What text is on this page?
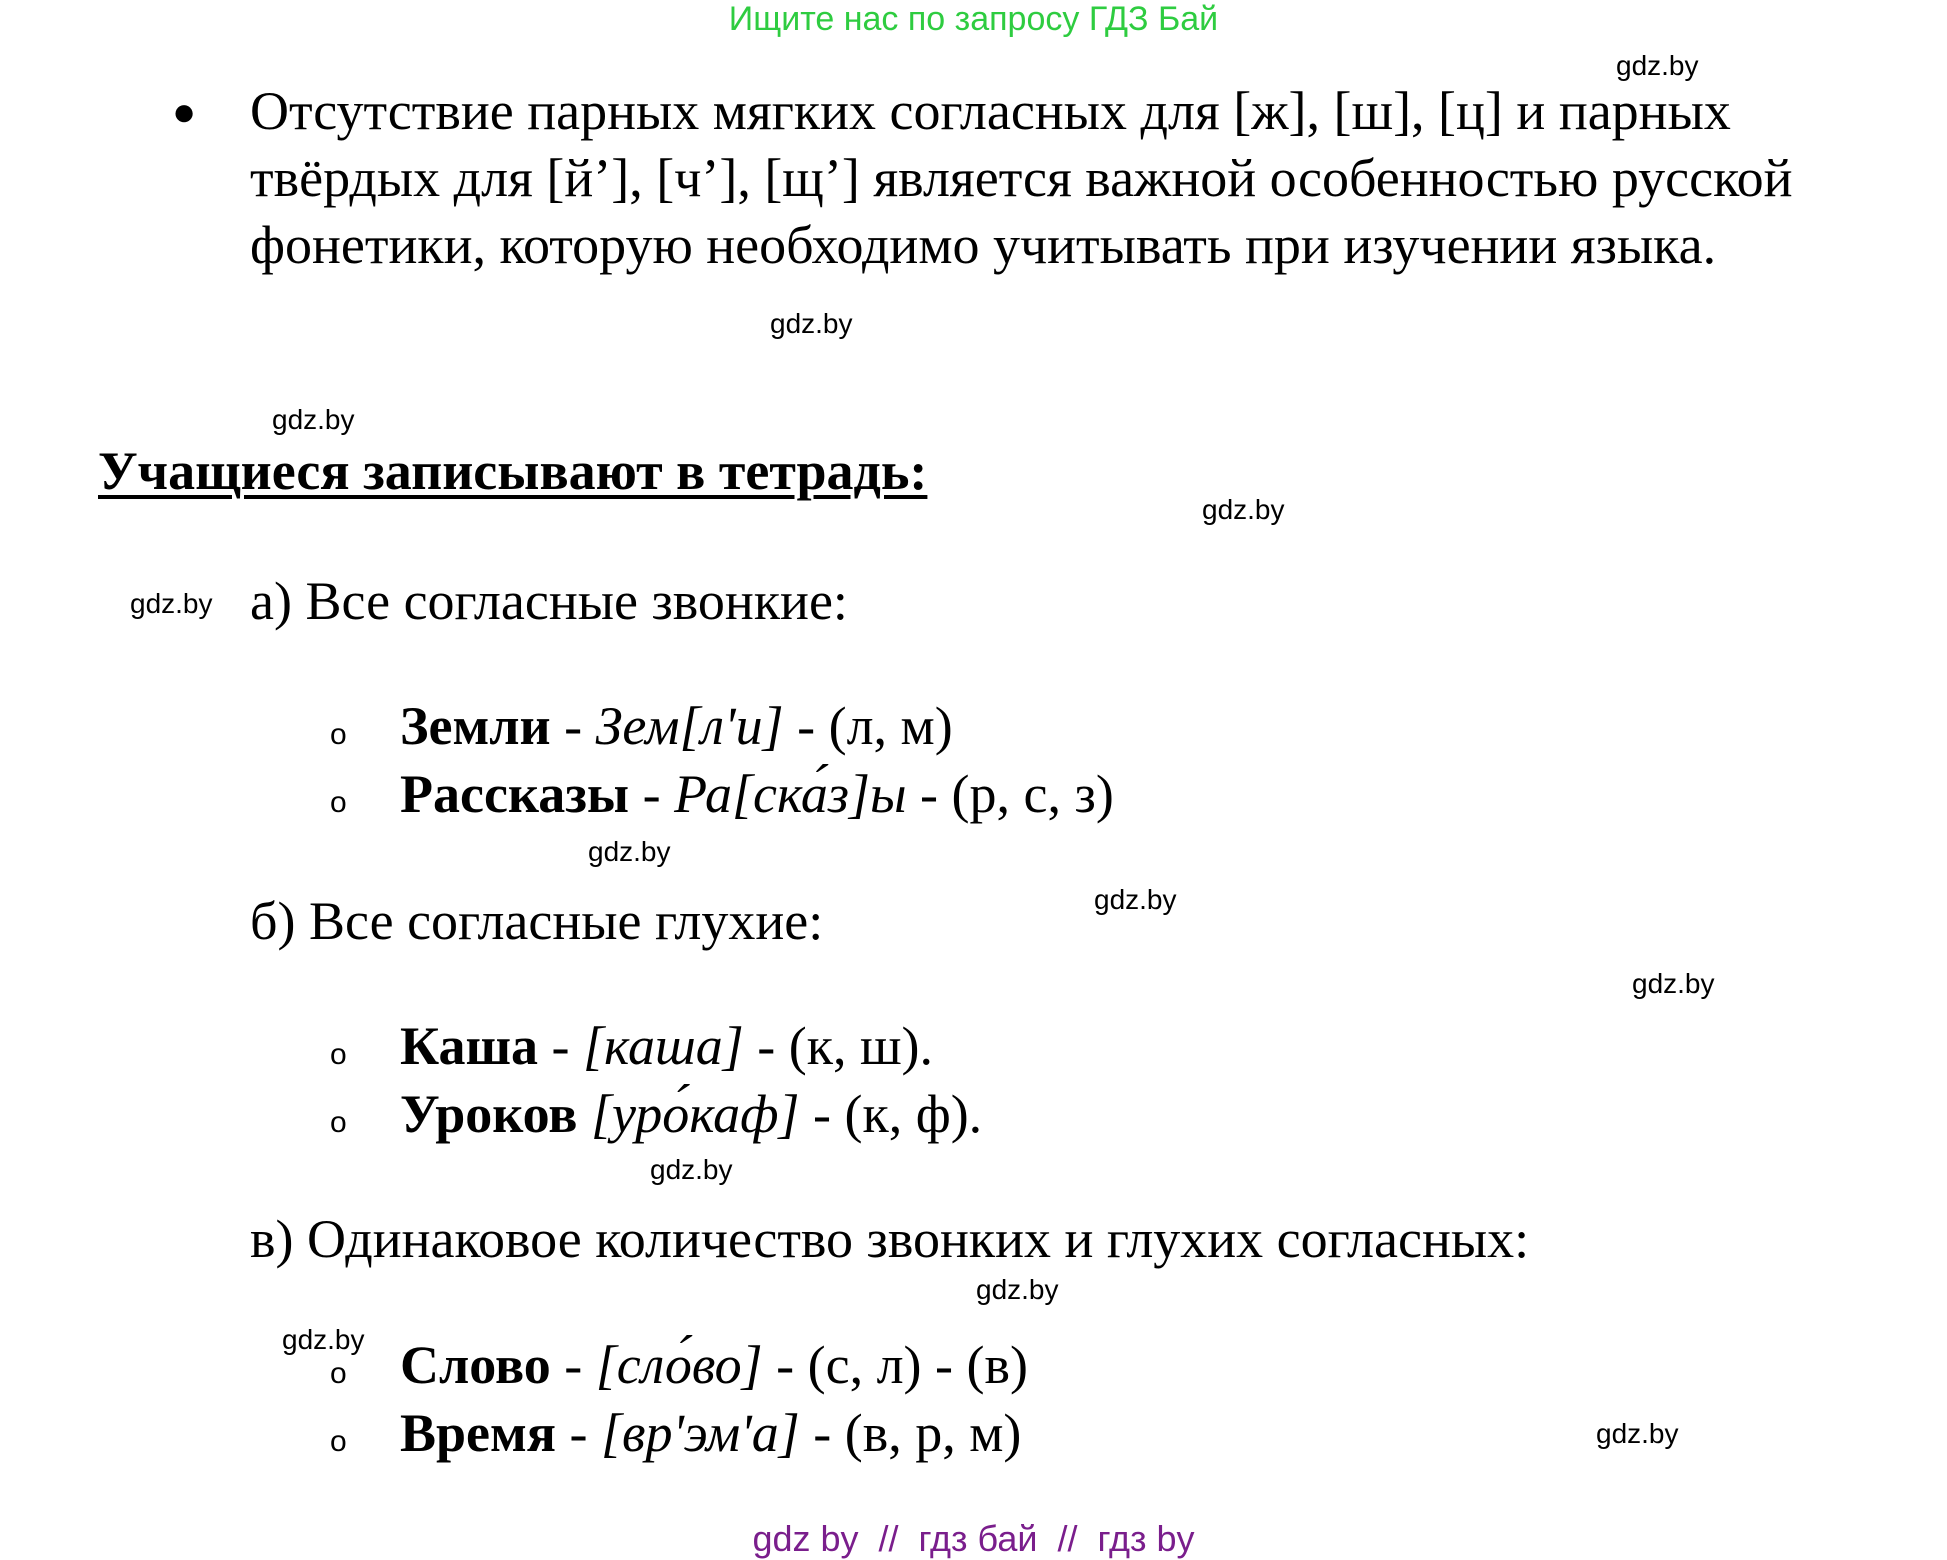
Ищите нас по запросу ГДЗ Бай
gdz.by
gdz.by
gdz.by
gdz.by
gdz.by
gdz.by
gdz.by
gdz.by
gdz.by
gdz.by
gdz.by
gdz.by
● Отсутствие парных мягких согласных для [ж], [ш], [ц] и парных
твёрдых для [й’], [ч’], [щ’] является важной особенностью русской
фонетики, которую необходимо учитывать при изучении языка.
Учащиеся записывают в тетрадь:
а) Все согласные звонкие:
o Земли - Зем[л'и] - (л, м)
o Рассказы - Ра[ска́з]ы - (р, с, з)
б) Все согласные глухие:
o Каша - [каша] - (к, ш).
o Уроков
[уро́каф] - (к, ф).
в) Одинаковое количество звонких и глухих согласных:
o Слово - [сло́во] - (с, л) - (в)
o Время - [вр'эм'а] - (в, р, м)
gdz by  //  гдз бай  //  гдз by
